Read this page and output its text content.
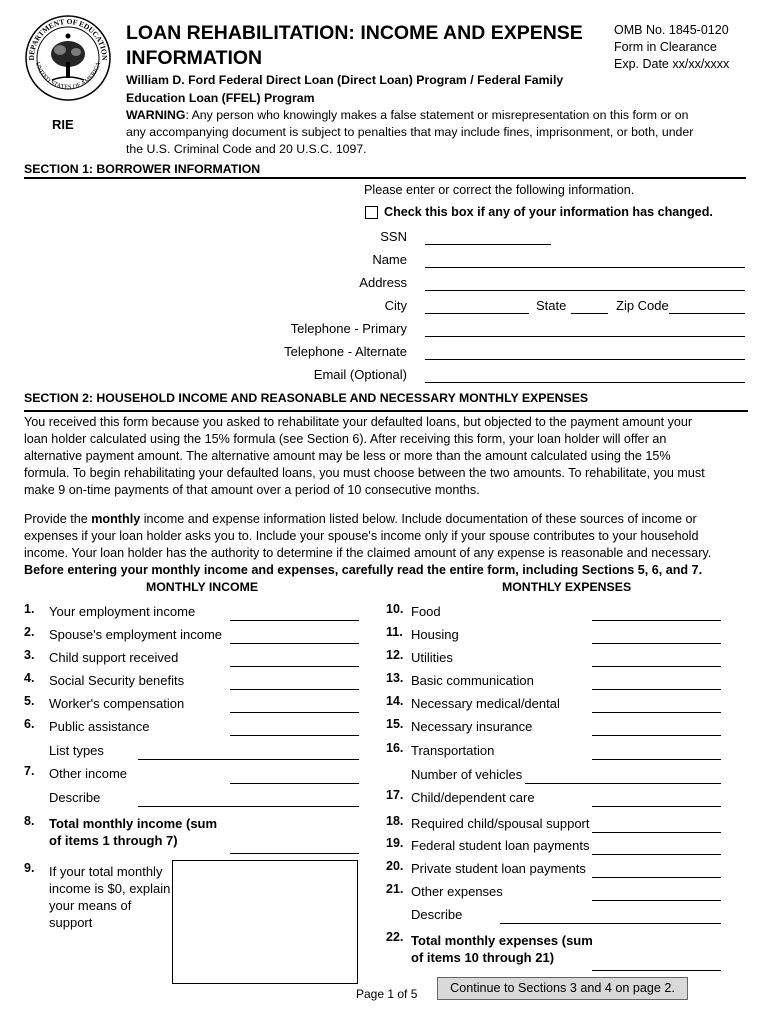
DEPARTMENT OF EDUCATION
UNITED STATES OF AMERICA
RIE
LOAN REHABILITATION: INCOME AND EXPENSE
INFORMATION
OMB No. 1845-0120
Form in Clearance
Exp. Date xx/xx/xxxx
William D. Ford Federal Direct Loan (Direct Loan) Program / Federal Family
Education Loan (FFEL) Program
WARNING: Any person who knowingly makes a false statement or misrepresentation on this form or on
any accompanying document is subject to penalties that may include fines, imprisonment, or both, under
the U.S. Criminal Code and 20 U.S.C. 1097.
SECTION 1: BORROWER INFORMATION
Please enter or correct the following information.
Check this box if any of your information has changed.
SSN
Name
Address
City	State	Zip Code
Telephone - Primary
Telephone - Alternate
Email (Optional)
SECTION 2: HOUSEHOLD INCOME AND REASONABLE AND NECESSARY MONTHLY EXPENSES
You received this form because you asked to rehabilitate your defaulted loans, but objected to the payment amount your
loan holder calculated using the 15% formula (see Section 6). After receiving this form, your loan holder will offer an
alternative payment amount. The alternative amount may be less or more than the amount calculated using the 15%
formula. To begin rehabilitating your defaulted loans, you must choose between the two amounts. To rehabilitate, you must
make 9 on-time payments of that amount over a period of 10 consecutive months.
Provide the monthly income and expense information listed below. Include documentation of these sources of income or
expenses if your loan holder asks you to. Include your spouse's income only if your spouse contributes to your household
income. Your loan holder has the authority to determine if the claimed amount of any expense is reasonable and necessary.
Before entering your monthly income and expenses, carefully read the entire form, including Sections 5, 6, and 7.
MONTHLY INCOME	MONTHLY EXPENSES
1. Your employment income
2. Spouse's employment income
3. Child support received
4. Social Security benefits
5. Worker's compensation
6. Public assistance
List types
7. Other income
Describe
8. Total monthly income (sum
of items 1 through 7)
9. If your total monthly
income is $0, explain
your means of
support
10. Food
11. Housing
12. Utilities
13. Basic communication
14. Necessary medical/dental
15. Necessary insurance
16. Transportation
Number of vehicles
17. Child/dependent care
18. Required child/spousal support
19. Federal student loan payments
20. Private student loan payments
21. Other expenses
Describe
22. Total monthly expenses (sum
of items 10 through 21)
Page 1 of 5	Continue to Sections 3 and 4 on page 2.
